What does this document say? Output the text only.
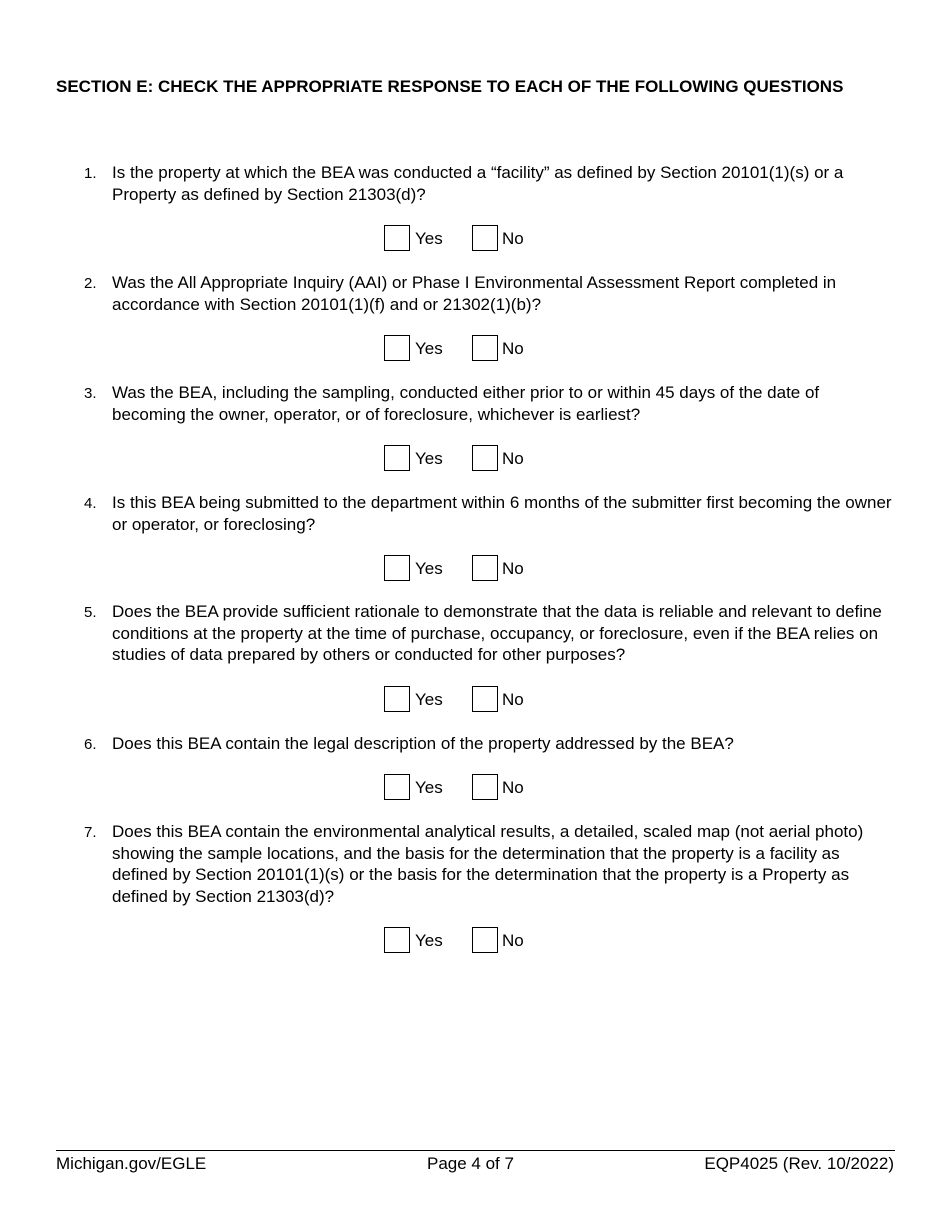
SECTION E: CHECK THE APPROPRIATE RESPONSE TO EACH OF THE FOLLOWING QUESTIONS
1. Is the property at which the BEA was conducted a “facility” as defined by Section 20101(1)(s) or a Property as defined by Section 21303(d)?
Yes	No
2. Was the All Appropriate Inquiry (AAI) or Phase I Environmental Assessment Report completed in accordance with Section 20101(1)(f) and or 21302(1)(b)?
Yes	No
3. Was the BEA, including the sampling, conducted either prior to or within 45 days of the date of becoming the owner, operator, or of foreclosure, whichever is earliest?
Yes	No
4. Is this BEA being submitted to the department within 6 months of the submitter first becoming the owner or operator, or foreclosing?
Yes	No
5. Does the BEA provide sufficient rationale to demonstrate that the data is reliable and relevant to define conditions at the property at the time of purchase, occupancy, or foreclosure, even if the BEA relies on studies of data prepared by others or conducted for other purposes?
Yes	No
6. Does this BEA contain the legal description of the property addressed by the BEA?
Yes	No
7. Does this BEA contain the environmental analytical results, a detailed, scaled map (not aerial photo) showing the sample locations, and the basis for the determination that the property is a facility as defined by Section 20101(1)(s) or the basis for the determination that the property is a Property as defined by Section 21303(d)?
Yes	No
Michigan.gov/EGLE	Page 4 of 7	EQP4025 (Rev. 10/2022)
